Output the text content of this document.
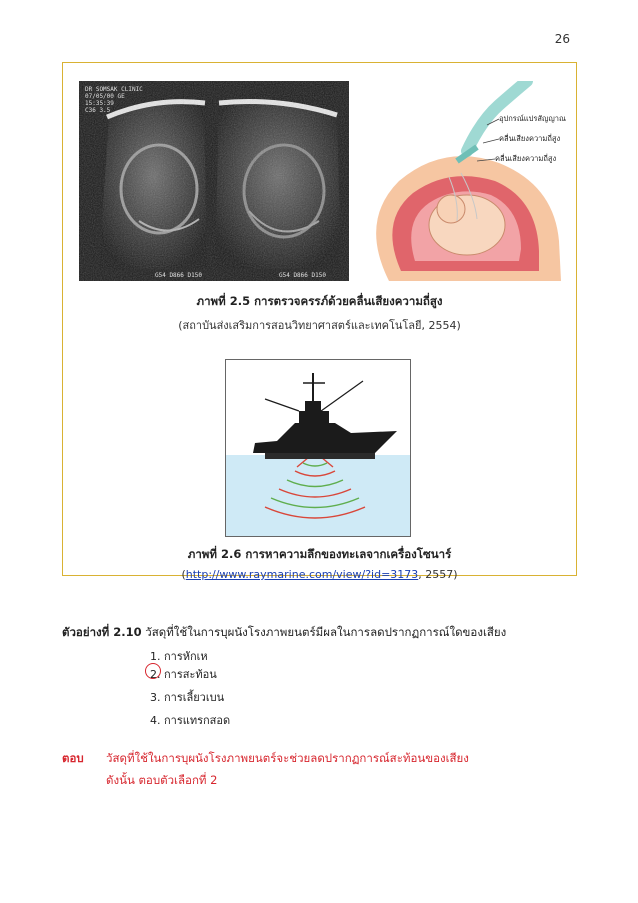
26
DR SOMSAK CLINIC
07/05/00 GE
15:35:39
C36 3.5
G54 D866 D150	G54 D866 D150
อุปกรณ์แปรสัญญาณ
คลื่นเสียงความถี่สูง
คลื่นเสียงความถี่สูง
ภาพที่ 2.5 การตรวจครรภ์ด้วยคลื่นเสียงความถี่สูง
(สถาบันส่งเสริมการสอนวิทยาศาสตร์และเทคโนโลยี, 2554)
ภาพที่ 2.6 การหาความลึกของทะเลจากเครื่องโซนาร์
(http://www.raymarine.com/view/?id=3173, 2557)
ตัวอย่างที่ 2.10 วัสดุที่ใช้ในการบุผนังโรงภาพยนตร์มีผลในการลดปรากฏการณ์ใดของเสียง
1. การหักเห
2. การสะท้อน
3. การเลี้ยวเบน
4. การแทรกสอด
ตอบ วัสดุที่ใช้ในการบุผนังโรงภาพยนตร์จะช่วยลดปรากฏการณ์สะท้อนของเสียง
ดังนั้น ตอบตัวเลือกที่ 2
